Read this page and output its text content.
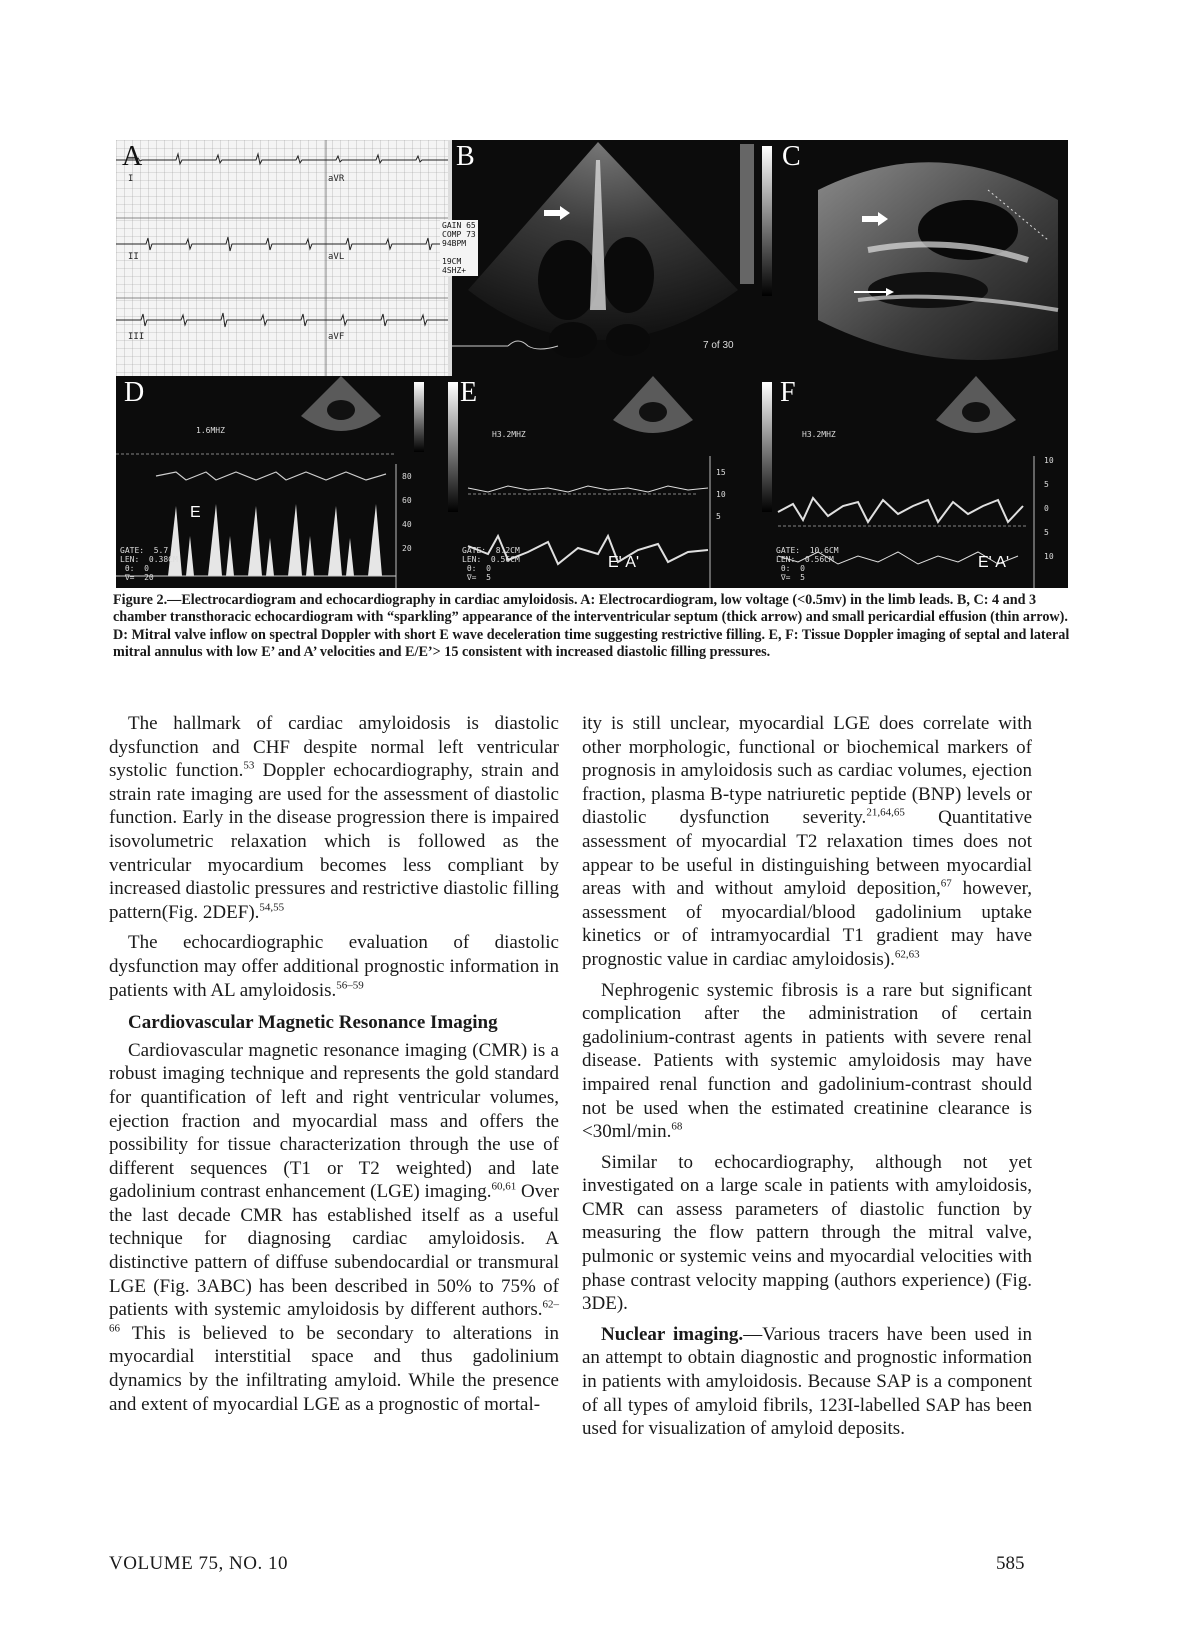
A
I	aVR
II	aVL
III	aVF
B
GAIN 65
COMP 73
94BPM

19CM
4SHZ+
7 of 30
C
D
1.6MHZ
E
GATE:  5.7
LEN:  0.38CM
θ:  0
∇=  20
80
60
40
20
E
H3.2MHZ
E' A'
GATE:  8.2CM
LEN:  0.56CM
θ:  0
∇=  5
15
10
5
F
H3.2MHZ
E' A'
GATE:  10.6CM
LEN:  0.56CM
θ:  0
∇=  5
10
5
0
5
10
Figure 2.—Electrocardiogram and echocardiography in cardiac amyloidosis. A: Electrocardiogram, low voltage (<0.5mv) in the limb leads. B, C: 4 and 3 chamber transthoracic echocardiogram with “sparkling” appearance of the interventricular septum (thick arrow) and small pericardial effusion (thin arrow). D: Mitral valve inflow on spectral Doppler with short E wave deceleration time suggesting restrictive filling. E, F: Tissue Doppler imaging of septal and lateral mitral annulus with low E’ and A’ velocities and E/E’> 15 consistent with increased diastolic filling pressures.

The hallmark of cardiac amyloidosis is diastolic dysfunction and CHF despite normal left ventricular systolic function.$^{53}$ Doppler echocardiography, strain and strain rate imaging are used for the assessment of diastolic function. Early in the disease progression there is impaired isovolumetric relaxation which is followed as the ventricular myocardium becomes less compliant by increased diastolic pressures and restrictive diastolic filling pattern(Fig. 2DEF).$^{54,55}$

The echocardiographic evaluation of diastolic dysfunction may offer additional prognostic information in patients with AL amyloidosis.$^{56-59}$

Cardiovascular Magnetic Resonance Imaging

Cardiovascular magnetic resonance imaging (CMR) is a robust imaging technique and represents the gold standard for quantification of left and right ventricular volumes, ejection fraction and myocardial mass and offers the possibility for tissue characterization through the use of different sequences (T1 or T2 weighted) and late gadolinium contrast enhancement (LGE) imaging.$^{60,61}$ Over the last decade CMR has established itself as a useful technique for diagnosing cardiac amyloidosis. A distinctive pattern of diffuse subendocardial or transmural LGE (Fig. 3ABC) has been described in 50% to 75% of patients with systemic amyloidosis by different authors.$^{62-66}$ This is believed to be secondary to alterations in myocardial interstitial space and thus gadolinium dynamics by the infiltrating amyloid. While the presence and extent of myocardial LGE as a prognostic of mortal-

ity is still unclear, myocardial LGE does correlate with other morphologic, functional or biochemical markers of prognosis in amyloidosis such as cardiac volumes, ejection fraction, plasma B-type natriuretic peptide (BNP) levels or diastolic dysfunction severity.$^{21,64,65}$ Quantitative assessment of myocardial T2 relaxation times does not appear to be useful in distinguishing between myocardial areas with and without amyloid deposition,$^{67}$ however, assessment of myocardial/blood gadolinium uptake kinetics or of intramyocardial T1 gradient may have prognostic value in cardiac amyloidosis).$^{62,63}$

Nephrogenic systemic fibrosis is a rare but significant complication after the administration of certain gadolinium-contrast agents in patients with severe renal disease. Patients with systemic amyloidosis may have impaired renal function and gadolinium-contrast should not be used when the estimated creatinine clearance is <30ml/min.$^{68}$

Similar to echocardiography, although not yet investigated on a large scale in patients with amyloidosis, CMR can assess parameters of diastolic function by measuring the flow pattern through the mitral valve, pulmonic or systemic veins and myocardial velocities with phase contrast velocity mapping (authors experience) (Fig. 3DE).

Nuclear imaging.—Various tracers have been used in an attempt to obtain diagnostic and prognostic information in patients with amyloidosis. Because SAP is a component of all types of amyloid fibrils, 123I-labelled SAP has been used for visualization of amyloid deposits.

VOLUME 75, NO. 10	585
